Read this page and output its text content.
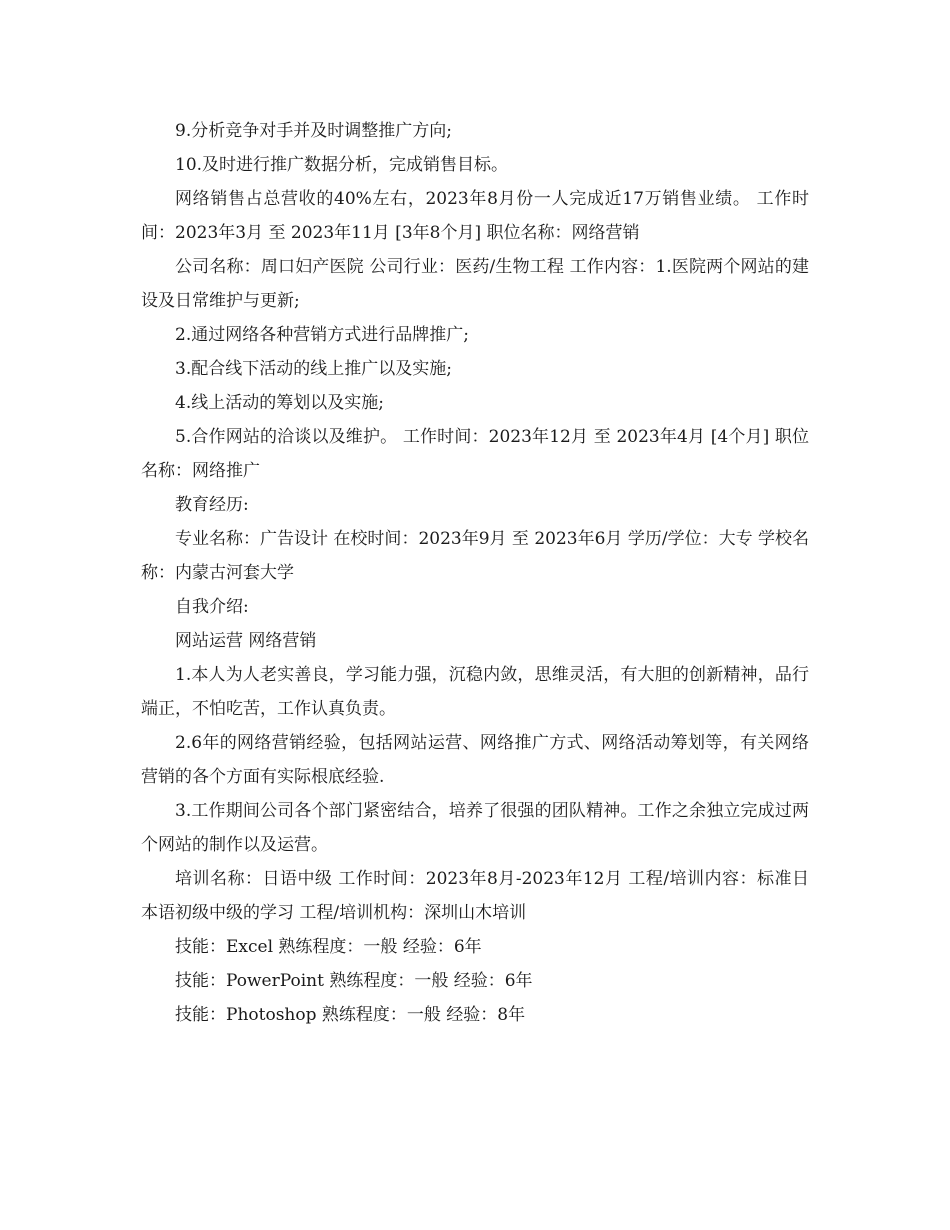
9.分析竞争对手并及时调整推广方向;

10.及时进行推广数据分析，完成销售目标。

网络销售占总营收的40%左右，2023年8月份一人完成近17万销售业绩。 工作时间：2023年3月 至 2023年11月 [3年8个月] 职位名称：网络营销

公司名称：周口妇产医院 公司行业：医药/生物工程 工作内容：1.医院两个网站的建设及日常维护与更新;

2.通过网络各种营销方式进行品牌推广;

3.配合线下活动的线上推广以及实施;

4.线上活动的筹划以及实施;

5.合作网站的洽谈以及维护。 工作时间：2023年12月 至 2023年4月 [4个月] 职位名称：网络推广

教育经历:

专业名称：广告设计 在校时间：2023年9月 至 2023年6月 学历/学位：大专 学校名称：内蒙古河套大学

自我介绍:

网站运营 网络营销

1.本人为人老实善良，学习能力强，沉稳内敛，思维灵活，有大胆的创新精神，品行端正，不怕吃苦，工作认真负责。

2.6年的网络营销经验，包括网站运营、网络推广方式、网络活动筹划等，有关网络营销的各个方面有实际根底经验.

3.工作期间公司各个部门紧密结合，培养了很强的团队精神。工作之余独立完成过两个网站的制作以及运营。

培训名称：日语中级 工作时间：2023年8月-2023年12月 工程/培训内容：标准日本语初级中级的学习 工程/培训机构：深圳山木培训

技能：Excel 熟练程度：一般 经验：6年

技能：PowerPoint 熟练程度：一般 经验：6年

技能：Photoshop 熟练程度：一般 经验：8年
